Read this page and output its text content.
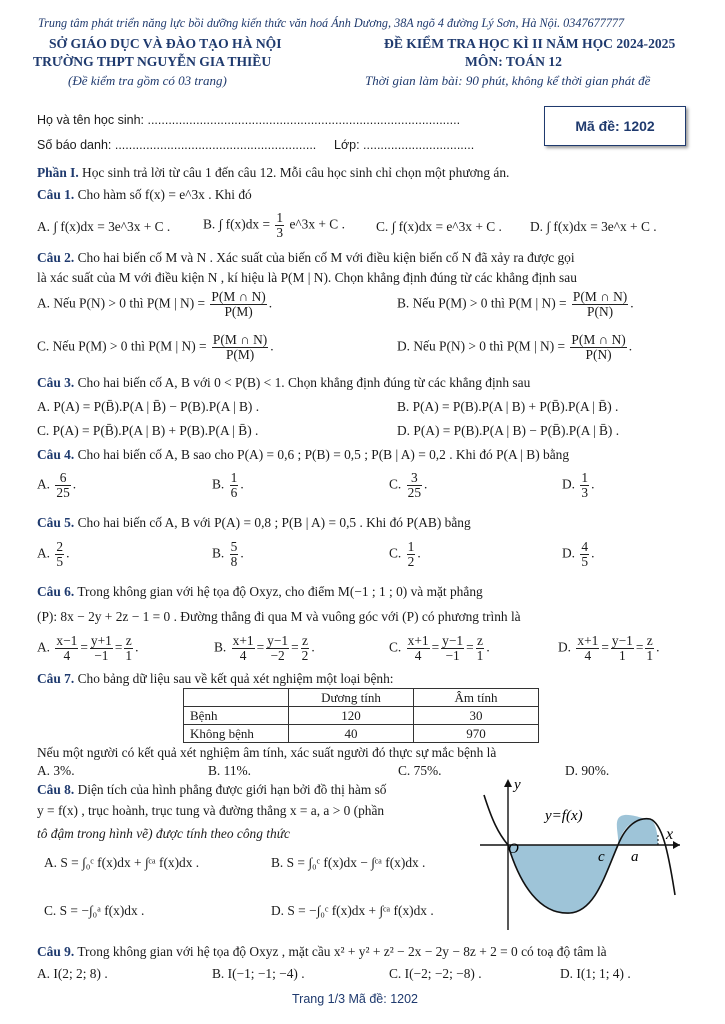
Trung tâm phát triển năng lực bồi dưỡng kiến thức văn hoá Ánh Dương, 38A ngõ 4 đường Lý Sơn, Hà Nội. 0347677777
SỞ GIÁO DỤC VÀ ĐÀO TẠO HÀ NỘI
TRƯỜNG THPT NGUYỄN GIA THIỀU
(Đề kiểm tra gồm có 03 trang)
ĐỀ KIỂM TRA HỌC KÌ II NĂM HỌC 2024-2025
MÔN: TOÁN 12
Thời gian làm bài: 90 phút, không kể thời gian phát đề
Họ và tên học sinh: ..........................................................................................
Số báo danh: .......................................................... Lớp: ................................
Mã đề: 1202
Phần I. Học sinh trả lời từ câu 1 đến câu 12. Mỗi câu học sinh chỉ chọn một phương án.
Câu 1. Cho hàm số f(x) = e^3x . Khi đó
A. ∫ f(x)dx = 3e^3x + C . B. ∫ $f(x)dx = \frac{1}{3}$ e^3x + C . C. ∫ f(x)dx = e^3x + C . D. ∫ f(x)dx = 3e^x + C .
Câu 2. Cho hai biến cố M và N . Xác suất của biến cố M với điều kiện biến cố N đã xảy ra được gọi
là xác suất của M với điều kiện N , kí hiệu là P(M | N). Chọn khẳng định đúng từ các khẳng định sau
A. Nếu P(N) > 0 thì P(M | $N) = \frac{P(M \cap N)}{P(M)}$ .	B. Nếu P(M) > 0 thì P(M | $N) = \frac{P(M \cap N)}{P(N)}$ .
C. Nếu P(M) > 0 thì P(M | $N) = \frac{P(M \cap N)}{P(M)}$ .	D. Nếu P(N) > 0 thì P(M | $N) = \frac{P(M \cap N)}{P(N)}$ .
Câu 3. Cho hai biến cố A, B với 0 < P(B) < 1. Chọn khẳng định đúng từ các khẳng định sau
A. P(A) = P(B̄).P(A | B̄) − P(B).P(A | B) .	B. P(A) = P(B).P(A | B) + P(B̄).P(A | B̄) .
C. P(A) = P(B̄).P(A | B) + P(B).P(A | B̄) .	D. P(A) = P(B).P(A | B) − P(B̄).P(A | B̄) .
Câu 4. Cho hai biến cố A, B sao cho P(A) = 0,6 ; P(B) = 0,5 ; P(B | A) = 0,2 . Khi đó P(A | B) bằng
A. $\frac{6}{25}$ .	B. $\frac{1}{6}$ .	C. $\frac{3}{25}$ .	D. $\frac{1}{3}$ .
Câu 5. Cho hai biến cố A, B với P(A) = 0,8 ; P(B | A) = 0,5 . Khi đó P(AB) bằng
A. $\frac{2}{5}$ .	B. $\frac{5}{8}$ .	C. $\frac{1}{2}$ .	D. $\frac{4}{5}$ .
Câu 6. Trong không gian với hệ tọa độ Oxyz, cho điểm M(−1 ; 1 ; 0) và mặt phẳng
(P): 8x − 2y + 2z − 1 = 0 . Đường thẳng đi qua M và vuông góc với (P) có phương trình là
A. $\frac{x-1}{4} = \frac{y+1}{-1} = \frac{z}{1}$ .	B. $\frac{x+1}{4} = \frac{y-1}{-2} = \frac{z}{2}$ .	C. $\frac{x+1}{4} = \frac{y-1}{-1} = \frac{z}{1}$ .	D. $\frac{x+1}{4} = \frac{y-1}{1} = \frac{z}{1}$ .
Câu 7. Cho bảng dữ liệu sau về kết quả xét nghiệm một loại bệnh:
	Dương tính	Âm tính
Bệnh	120	30
Không bệnh	40	970
Nếu một người có kết quả xét nghiệm âm tính, xác suất người đó thực sự mắc bệnh là
A. 3%.	B. 11%.	C. 75%.	D. 90%.
Câu 8. Diện tích của hình phẳng được giới hạn bởi đồ thị hàm số
y = f(x) , trục hoành, trục tung và đường thẳng x = a, a > 0 (phần
tô đậm trong hình vẽ) được tính theo công thức
A. S = ∫₀ᶜ f(x)dx + ∫ᶜᵃ f(x)dx .	B. S = ∫₀ᶜ f(x)dx − ∫ᶜᵃ f(x)dx .
C. S = −∫₀ᵃ f(x)dx .	D. S = −∫₀ᶜ f(x)dx + ∫ᶜᵃ f(x)dx .
y
x
y=f(x)
O	c a
Câu 9. Trong không gian với hệ tọa độ Oxyz , mặt cầu x² + y² + z² − 2x − 2y − 8z + 2 = 0 có toạ độ tâm là
A. I(2; 2; 8) .	B. I(−1; −1; −4) .	C. I(−2; −2; −8) .	D. I(1; 1; 4) .
Trang 1/3 Mã đề: 1202
